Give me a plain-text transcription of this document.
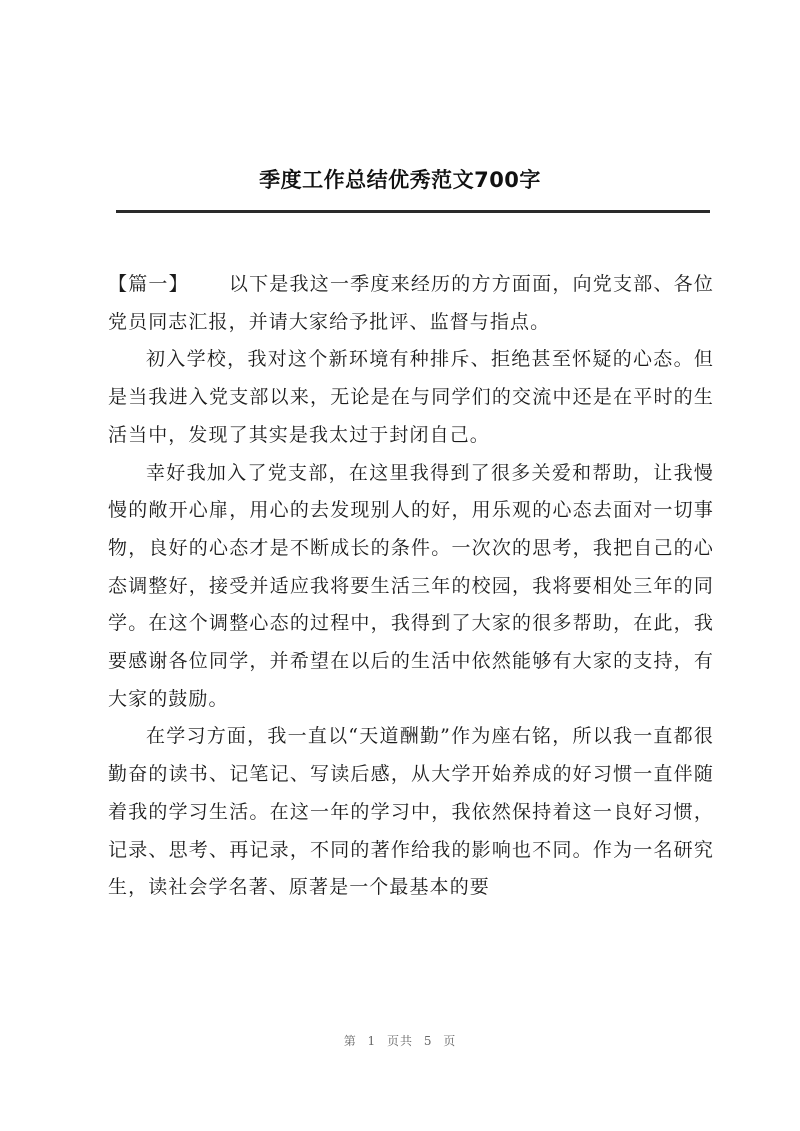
季度工作总结优秀范文700字

【篇一】 以下是我这一季度来经历的方方面面，向党支部、各位党员同志汇报，并请大家给予批评、监督与指点。

初入学校，我对这个新环境有种排斥、拒绝甚至怀疑的心态。但是当我进入党支部以来，无论是在与同学们的交流中还是在平时的生活当中，发现了其实是我太过于封闭自己。

幸好我加入了党支部，在这里我得到了很多关爱和帮助，让我慢慢的敞开心扉，用心的去发现别人的好，用乐观的心态去面对一切事物，良好的心态才是不断成长的条件。一次次的思考，我把自己的心态调整好，接受并适应我将要生活三年的校园，我将要相处三年的同学。在这个调整心态的过程中，我得到了大家的很多帮助，在此，我要感谢各位同学，并希望在以后的生活中依然能够有大家的支持，有大家的鼓励。

在学习方面，我一直以“天道酬勤”作为座右铭，所以我一直都很勤奋的读书、记笔记、写读后感，从大学开始养成的好习惯一直伴随着我的学习生活。在这一年的学习中，我依然保持着这一良好习惯，记录、思考、再记录，不同的著作给我的影响也不同。作为一名研究生，读社会学名著、原著是一个最基本的要

第 1 页共 5 页
